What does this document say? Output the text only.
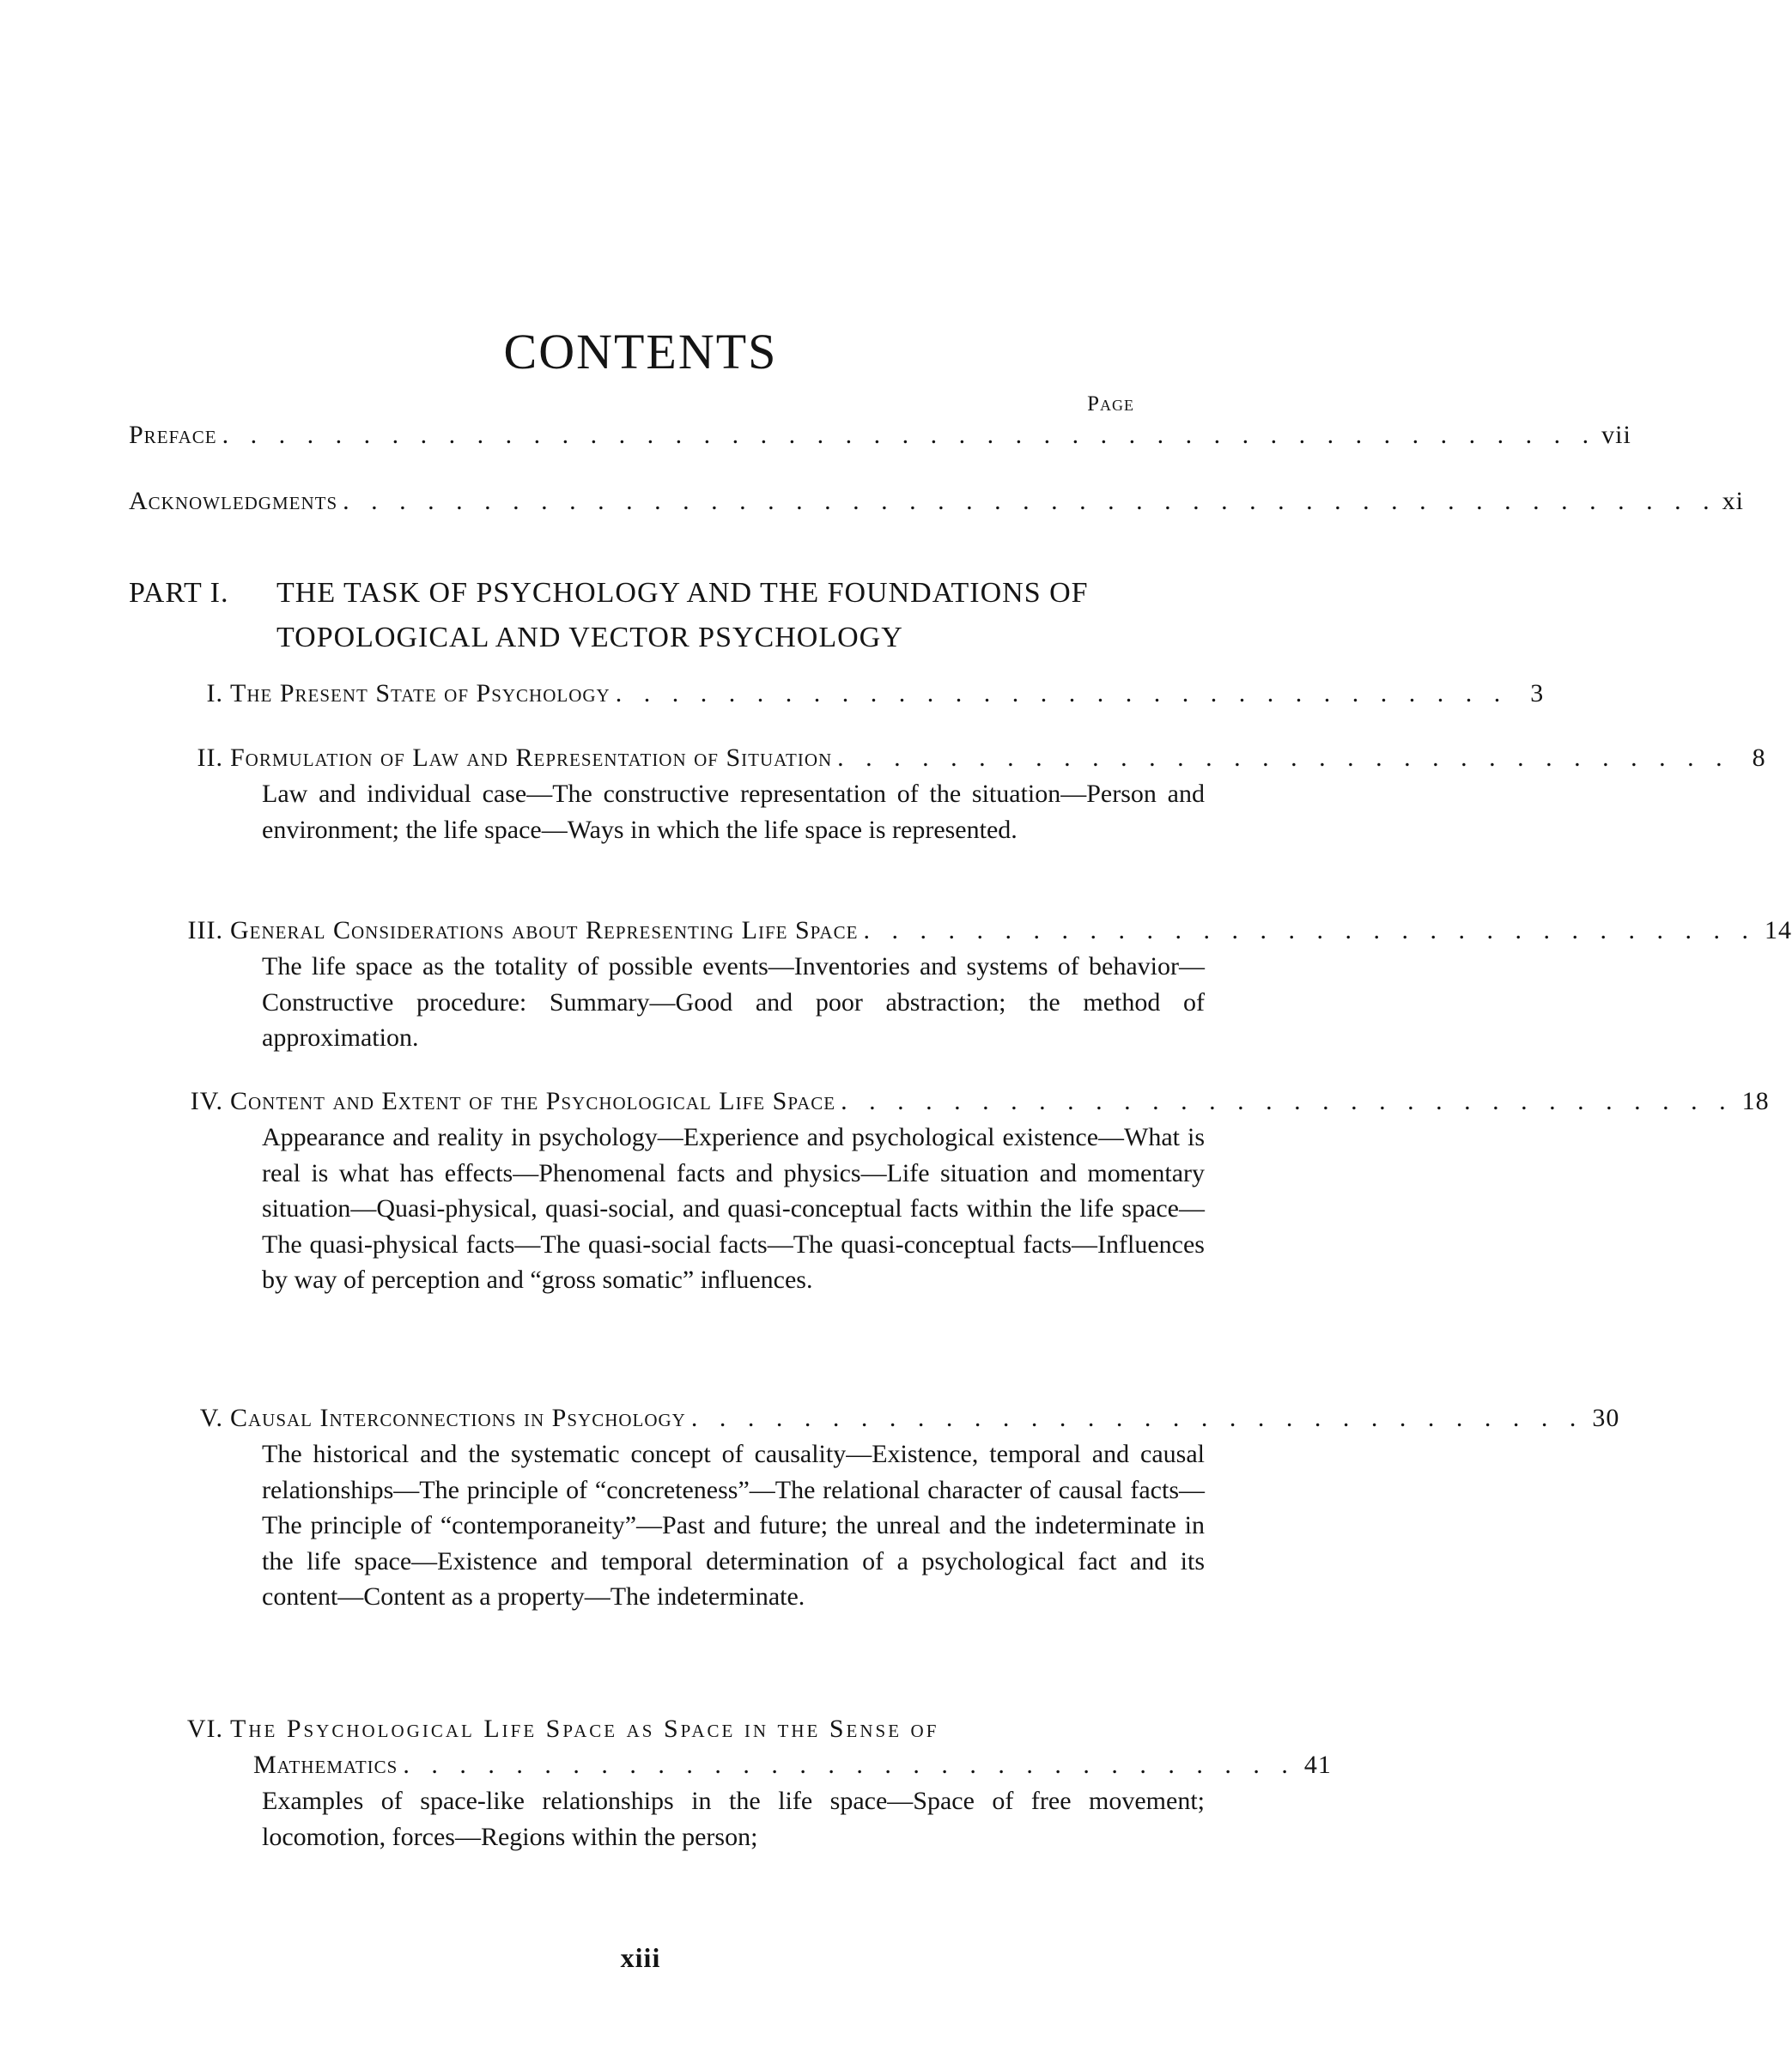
CONTENTS
Page
Preface . . . . . . . . . . . . . . . . . . . . . . . . . . . . . . . . . . . . . . . . . . . . . . . . . vii
Acknowledgments . . . . . . . . . . . . . . . . . . . . . . . . . . . . . . . . . . . . . . . . . . . . . . . . . xi
PART I. THE TASK OF PSYCHOLOGY AND THE FOUNDATIONS OF TOPOLOGICAL AND VECTOR PSYCHOLOGY
I. The Present State of Psychology . . . . . . . . . . . . . . . . . . . . . . . . . . . . . . . . 3
II. Formulation of Law and Representation of Situation . . . . . . . . . . . . . . . . . . . . . . . . . . . . . . . . 8
Law and individual case—The constructive representation of the situation—Person and environment; the life space—Ways in which the life space is represented.
III. General Considerations about Representing Life Space . . . . . . . . . . . . . . . . . . . . . . . . . . . . . . . . 14
The life space as the totality of possible events—Inventories and systems of behavior—Constructive procedure: Summary—Good and poor abstraction; the method of approximation.
IV. Content and Extent of the Psychological Life Space . . . . . . . . . . . . . . . . . . . . . . . . . . . . . . . . 18
Appearance and reality in psychology—Experience and psychological existence—What is real is what has effects—Phenomenal facts and physics—Life situation and momentary situation—Quasi-physical, quasi-social, and quasi-conceptual facts within the life space—The quasi-physical facts—The quasi-social facts—The quasi-conceptual facts—Influences by way of perception and “gross somatic” influences.
V. Causal Interconnections in Psychology . . . . . . . . . . . . . . . . . . . . . . . . . . . . . . . . 30
The historical and the systematic concept of causality—Existence, temporal and causal relationships—The principle of “concreteness”—The relational character of causal facts—The principle of “contemporaneity”—Past and future; the unreal and the indeterminate in the life space—Existence and temporal determination of a psychological fact and its content—Content as a property—The indeterminate.
VI. The Psychological Life Space as Space in the Sense of
Mathematics . . . . . . . . . . . . . . . . . . . . . . . . . . . . . . . . 41
Examples of space-like relationships in the life space—Space of free movement; locomotion, forces—Regions within the person;
xiii
